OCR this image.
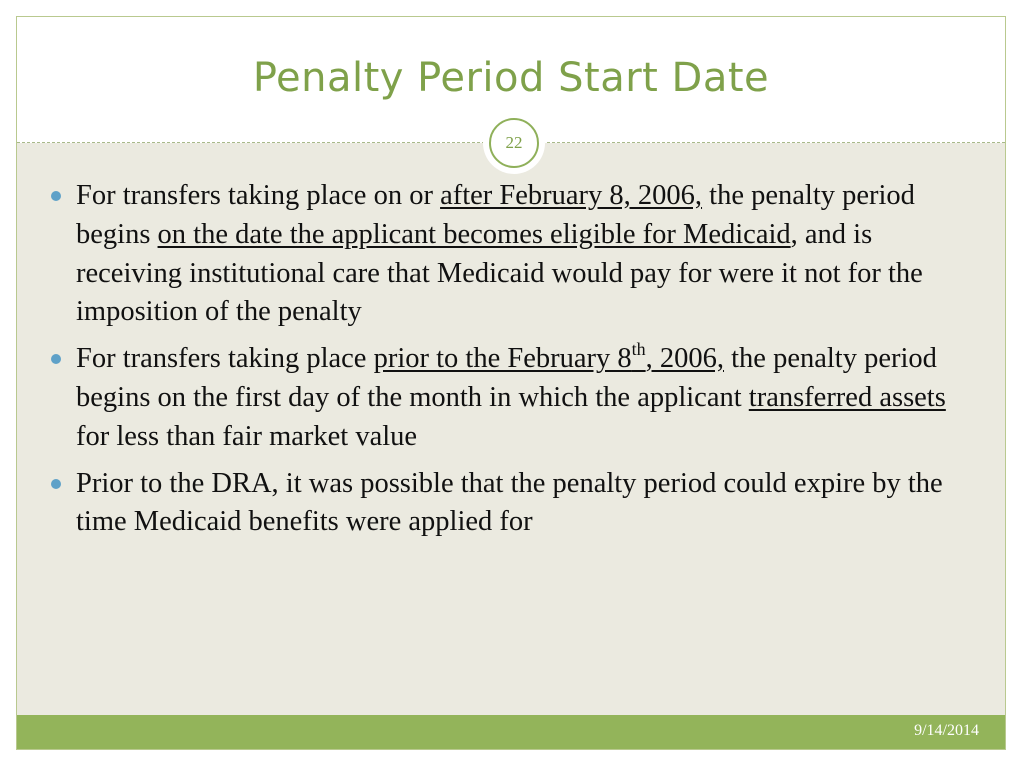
Penalty Period Start Date
22
For transfers taking place on or after February 8, 2006, the penalty period begins on the date the applicant becomes eligible for Medicaid, and is receiving institutional care that Medicaid would pay for were it not for the imposition of the penalty
For transfers taking place prior to the February 8th, 2006, the penalty period begins on the first day of the month in which the applicant transferred assets for less than fair market value
Prior to the DRA, it was possible that the penalty period could expire by the time Medicaid benefits were applied for
9/14/2014
